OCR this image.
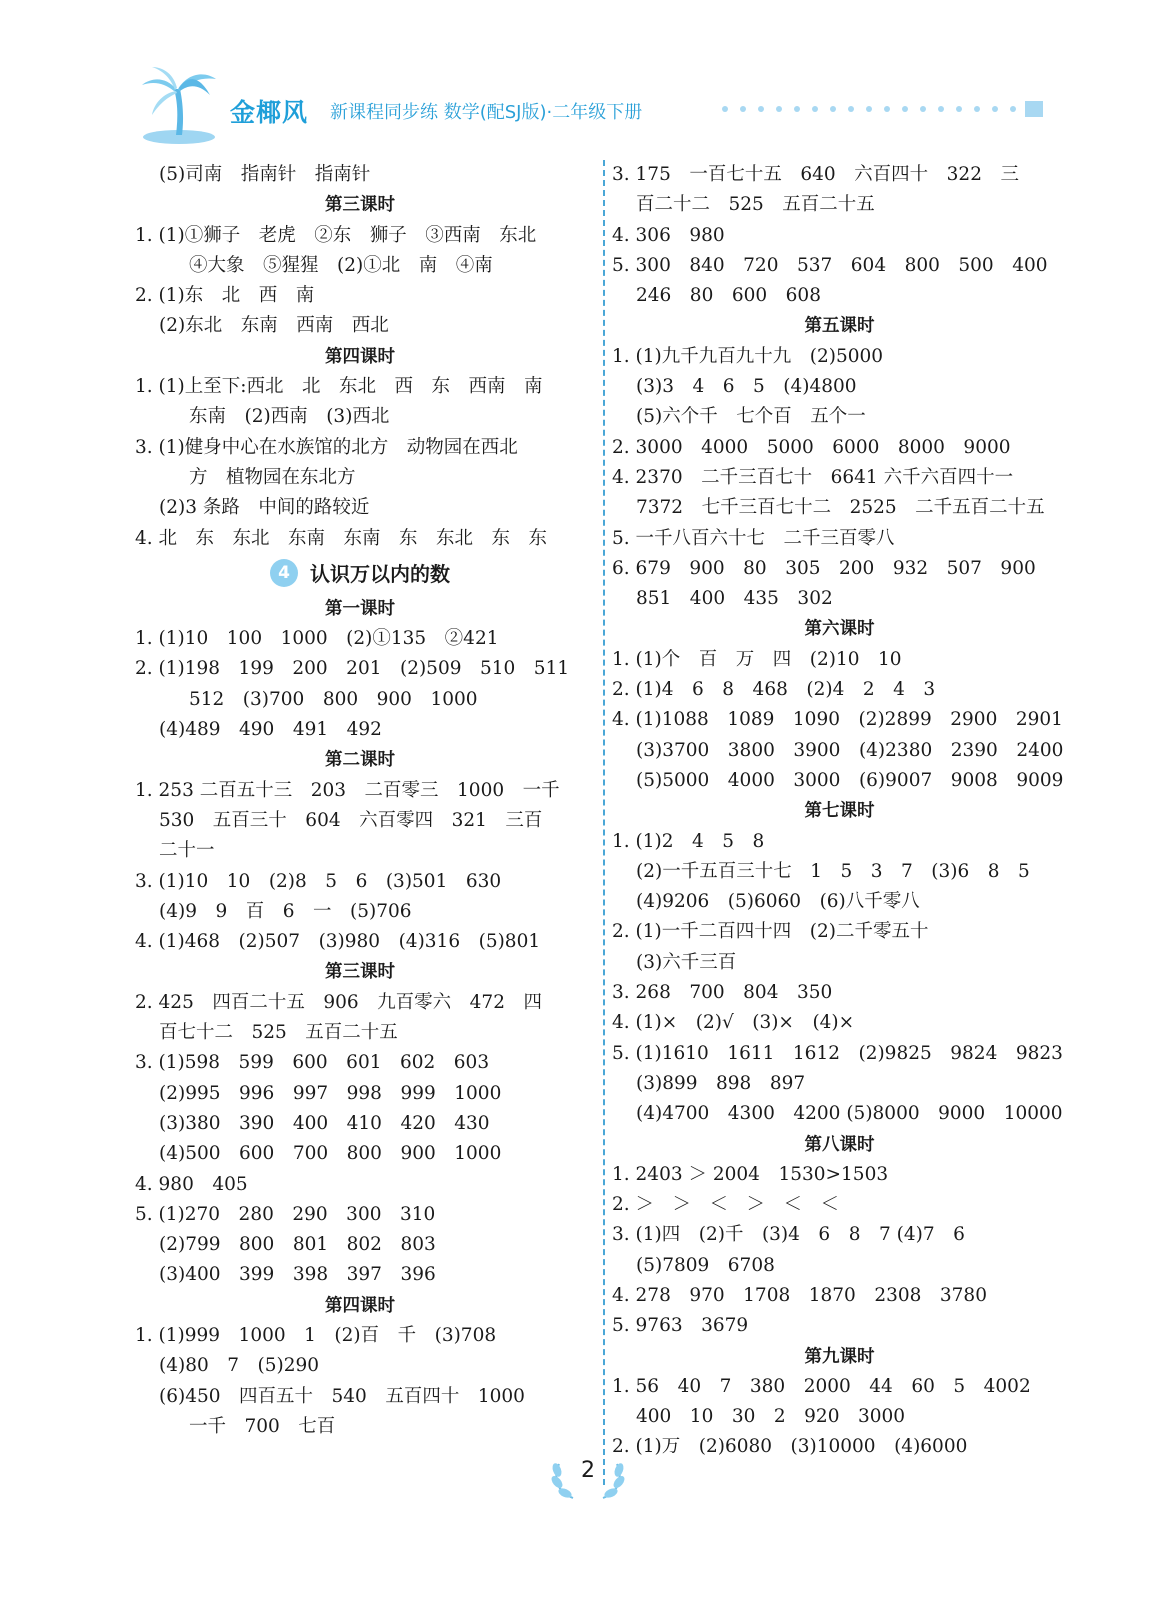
金椰风 新课程同步练 数学(配SJ版)·二年级下册
(5)司南　指南针　指南针
第三课时
1. (1)①狮子　老虎　②东　狮子　③西南　东北
④大象　⑤猩猩　(2)①北　南　④南
2. (1)东　北　西　南
(2)东北　东南　西南　西北
第四课时
1. (1)上至下:西北　北　东北　西　东　西南　南
东南　(2)西南　(3)西北
3. (1)健身中心在水族馆的北方　动物园在西北
方　植物园在东北方
(2)3 条路　中间的路较近
4. 北　东　东北　东南　东南　东　东北　东　东
4 认识万以内的数
第一课时
1. (1)10　100　1000　(2)①135　②421
2. (1)198　199　200　201　(2)509　510　511
512　(3)700　800　900　1000
(4)489　490　491　492
第二课时
1. 253 二百五十三　203　二百零三　1000　一千
530　五百三十　604　六百零四　321　三百
二十一
3. (1)10　10　(2)8　5　6　(3)501　630
(4)9　9　百　6　一　(5)706
4. (1)468　(2)507　(3)980　(4)316　(5)801
第三课时
2. 425　四百二十五　906　九百零六　472　四
百七十二　525　五百二十五
3. (1)598　599　600　601　602　603
(2)995　996　997　998　999　1000
(3)380　390　400　410　420　430
(4)500　600　700　800　900　1000
4. 980　405
5. (1)270　280　290　300　310
(2)799　800　801　802　803
(3)400　399　398　397　396
第四课时
1. (1)999　1000　1　(2)百　千　(3)708
(4)80　7　(5)290
(6)450　四百五十　540　五百四十　1000
一千　700　七百
3. 175　一百七十五　640　六百四十　322　三
百二十二　525　五百二十五
4. 306　980
5. 300　840　720　537　604　800　500　400
246　80　600　608
第五课时
1. (1)九千九百九十九　(2)5000
(3)3　4　6　5　(4)4800
(5)六个千　七个百　五个一
2. 3000　4000　5000　6000　8000　9000
4. 2370　二千三百七十　6641 六千六百四十一
7372　七千三百七十二　2525　二千五百二十五
5. 一千八百六十七　二千三百零八
6. 679　900　80　305　200　932　507　900
851　400　435　302
第六课时
1. (1)个　百　万　四　(2)10　10
2. (1)4　6　8　468　(2)4　2　4　3
4. (1)1088　1089　1090　(2)2899　2900　2901
(3)3700　3800　3900　(4)2380　2390　2400
(5)5000　4000　3000　(6)9007　9008　9009
第七课时
1. (1)2　4　5　8
(2)一千五百三十七　1　5　3　7　(3)6　8　5
(4)9206　(5)6060　(6)八千零八
2. (1)一千二百四十四　(2)二千零五十
(3)六千三百
3. 268　700　804　350
4. (1)×　(2)√　(3)×　(4)×
5. (1)1610　1611　1612　(2)9825　9824　9823
(3)899　898　897
(4)4700　4300　4200 (5)8000　9000　10000
第八课时
1. 2403 ＞ 2004　1530>1503
2. ＞　＞　＜　＞　＜　＜
3. (1)四　(2)千　(3)4　6　8　7 (4)7　6
(5)7809　6708
4. 278　970　1708　1870　2308　3780
5. 9763　3679
第九课时
1. 56　40　7　380　2000　44　60　5　4002
400　10　30　2　920　3000
2. (1)万　(2)6080　(3)10000　(4)6000
2
